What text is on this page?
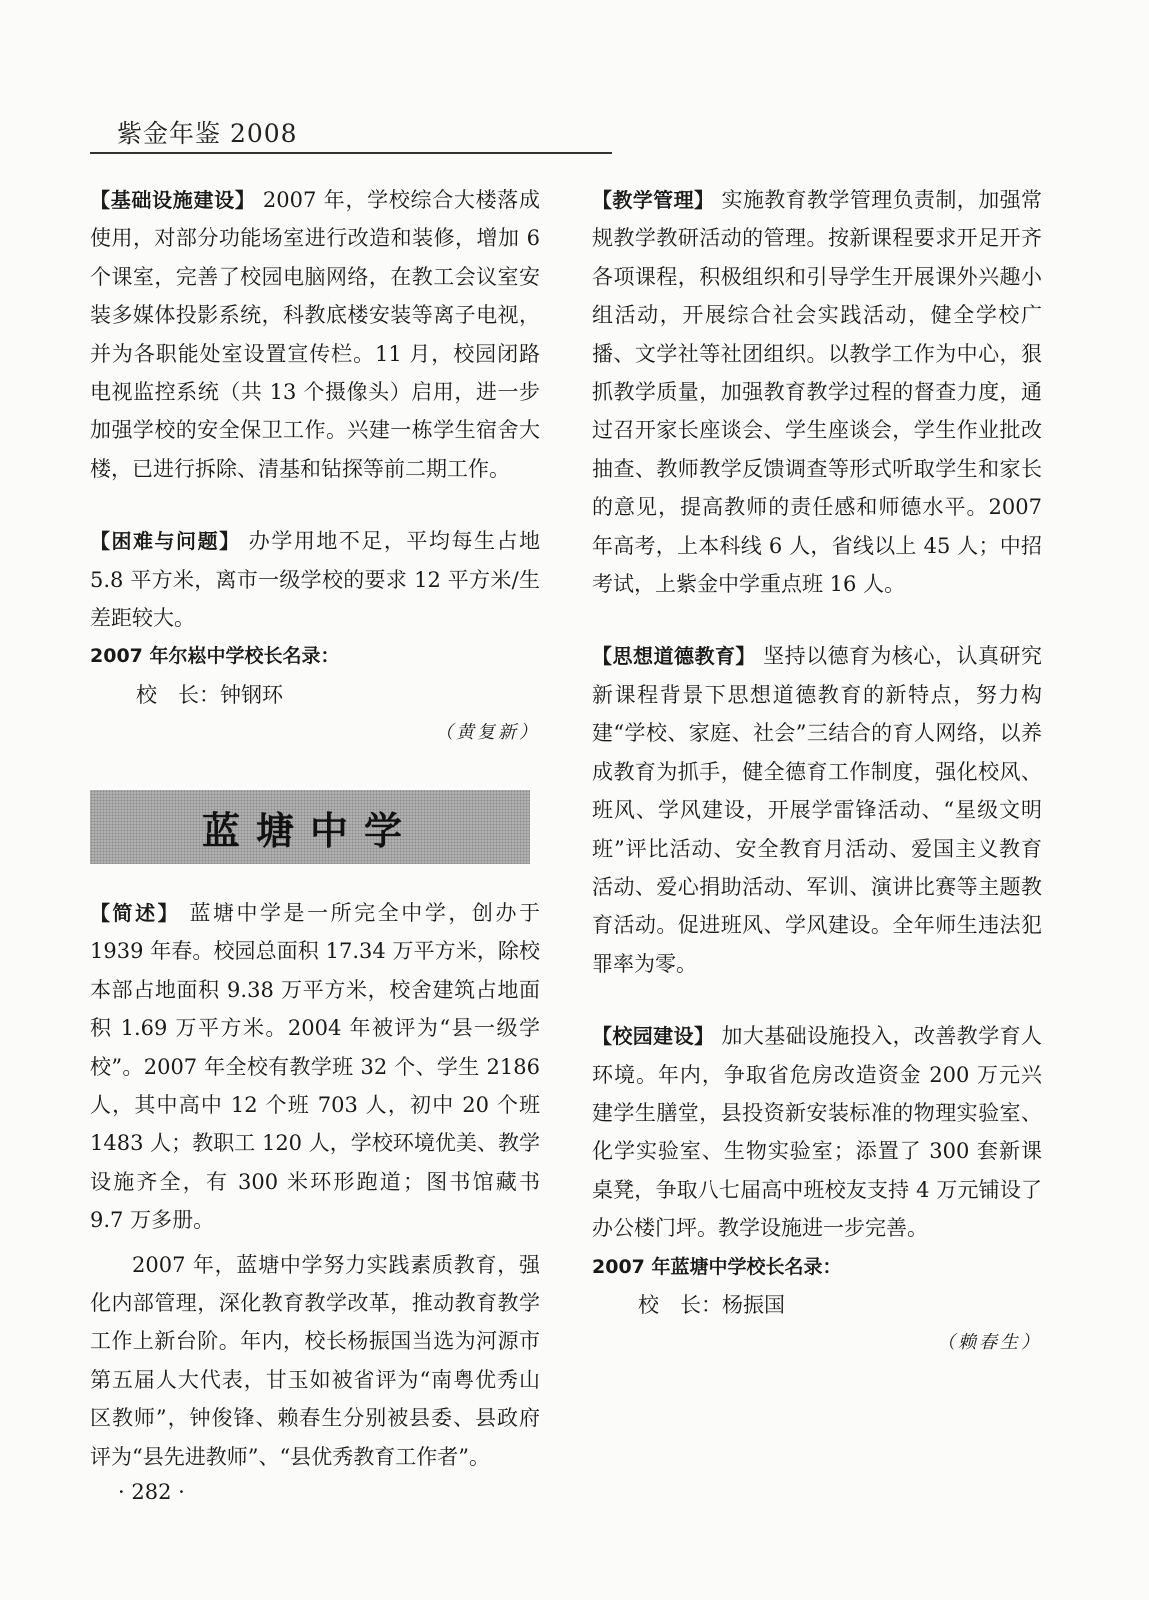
紫金年鉴 2008

【基础设施建设】 2007 年，学校综合大楼落成使用，对部分功能场室进行改造和装修，增加 6 个课室，完善了校园电脑网络，在教工会议室安装多媒体投影系统，科教底楼安装等离子电视，并为各职能处室设置宣传栏。11 月，校园闭路电视监控系统（共 13 个摄像头）启用，进一步加强学校的安全保卫工作。兴建一栋学生宿舍大楼，已进行拆除、清基和钻探等前二期工作。

【困难与问题】 办学用地不足，平均每生占地 5.8 平方米，离市一级学校的要求 12 平方米/生差距较大。

2007 年尔崧中学校长名录：

校　长：钟钢环

（黄复新）

蓝塘中学

【简述】 蓝塘中学是一所完全中学，创办于 1939 年春。校园总面积 17.34 万平方米，除校本部占地面积 9.38 万平方米，校舍建筑占地面积 1.69 万平方米。2004 年被评为“县一级学校”。2007 年全校有教学班 32 个、学生 2186 人，其中高中 12 个班 703 人，初中 20 个班 1483 人；教职工 120 人，学校环境优美、教学设施齐全，有 300 米环形跑道；图书馆藏书 9.7 万多册。

2007 年，蓝塘中学努力实践素质教育，强化内部管理，深化教育教学改革，推动教育教学工作上新台阶。年内，校长杨振国当选为河源市第五届人大代表，甘玉如被省评为“南粤优秀山区教师”，钟俊锋、赖春生分别被县委、县政府评为“县先进教师”、“县优秀教育工作者”。

【教学管理】 实施教育教学管理负责制，加强常规教学教研活动的管理。按新课程要求开足开齐各项课程，积极组织和引导学生开展课外兴趣小组活动，开展综合社会实践活动，健全学校广播、文学社等社团组织。以教学工作为中心，狠抓教学质量，加强教育教学过程的督查力度，通过召开家长座谈会、学生座谈会，学生作业批改抽查、教师教学反馈调查等形式听取学生和家长的意见，提高教师的责任感和师德水平。2007 年高考，上本科线 6 人，省线以上 45 人；中招考试，上紫金中学重点班 16 人。

【思想道德教育】 坚持以德育为核心，认真研究新课程背景下思想道德教育的新特点，努力构建“学校、家庭、社会”三结合的育人网络，以养成教育为抓手，健全德育工作制度，强化校风、班风、学风建设，开展学雷锋活动、“星级文明班”评比活动、安全教育月活动、爱国主义教育活动、爱心捐助活动、军训、演讲比赛等主题教育活动。促进班风、学风建设。全年师生违法犯罪率为零。

【校园建设】 加大基础设施投入，改善教学育人环境。年内，争取省危房改造资金 200 万元兴建学生膳堂，县投资新安装标准的物理实验室、化学实验室、生物实验室；添置了 300 套新课桌凳，争取八七届高中班校友支持 4 万元铺设了办公楼门坪。教学设施进一步完善。

2007 年蓝塘中学校长名录：

校　长：杨振国

（赖春生）

· 282 ·
